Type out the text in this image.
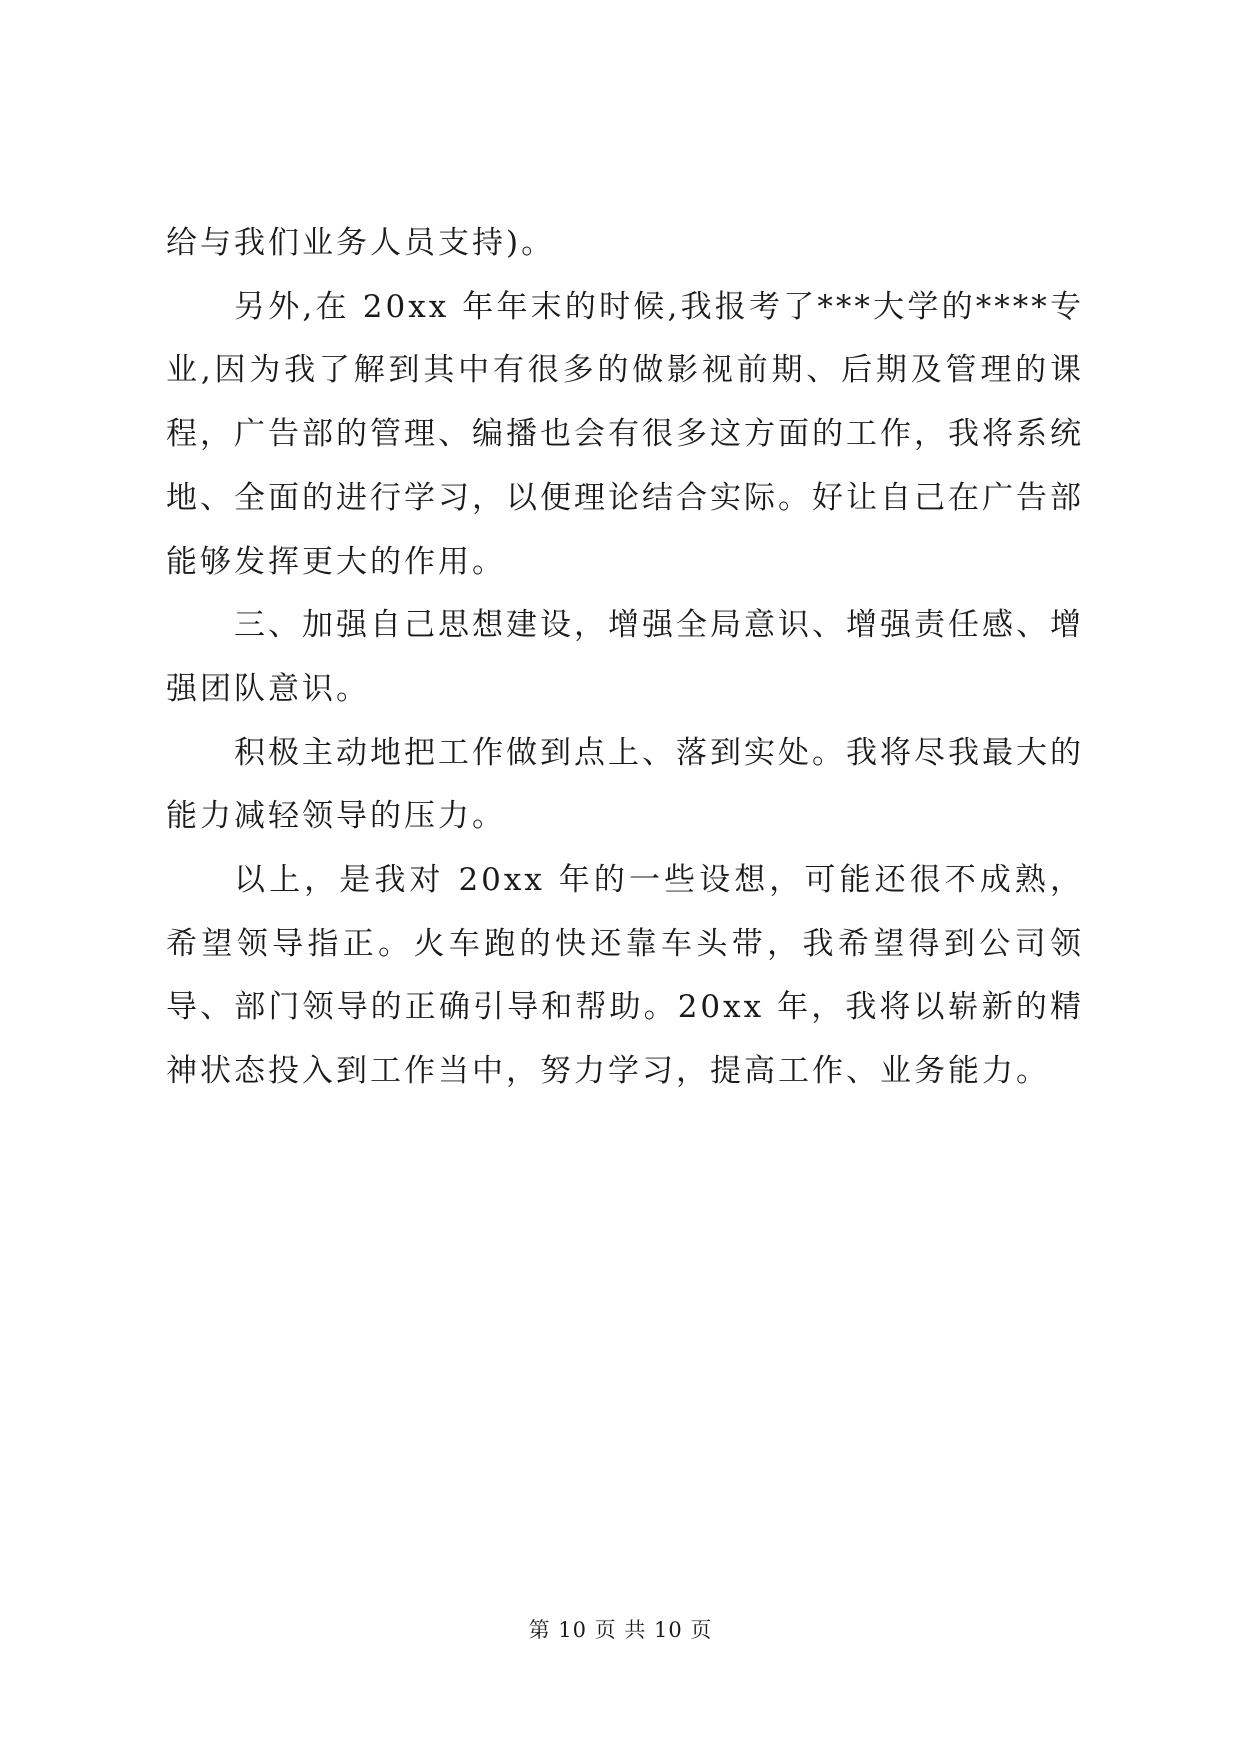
给与我们业务人员支持)。

另外,在 20xx 年年末的时候,我报考了***大学的****专业,因为我了解到其中有很多的做影视前期、后期及管理的课程，广告部的管理、编播也会有很多这方面的工作，我将系统地、全面的进行学习，以便理论结合实际。好让自己在广告部能够发挥更大的作用。

三、加强自己思想建设，增强全局意识、增强责任感、增强团队意识。

积极主动地把工作做到点上、落到实处。我将尽我最大的能力减轻领导的压力。

以上，是我对 20xx 年的一些设想，可能还很不成熟，希望领导指正。火车跑的快还靠车头带，我希望得到公司领导、部门领导的正确引导和帮助。20xx 年，我将以崭新的精神状态投入到工作当中，努力学习，提高工作、业务能力。

第 10 页 共 10 页
